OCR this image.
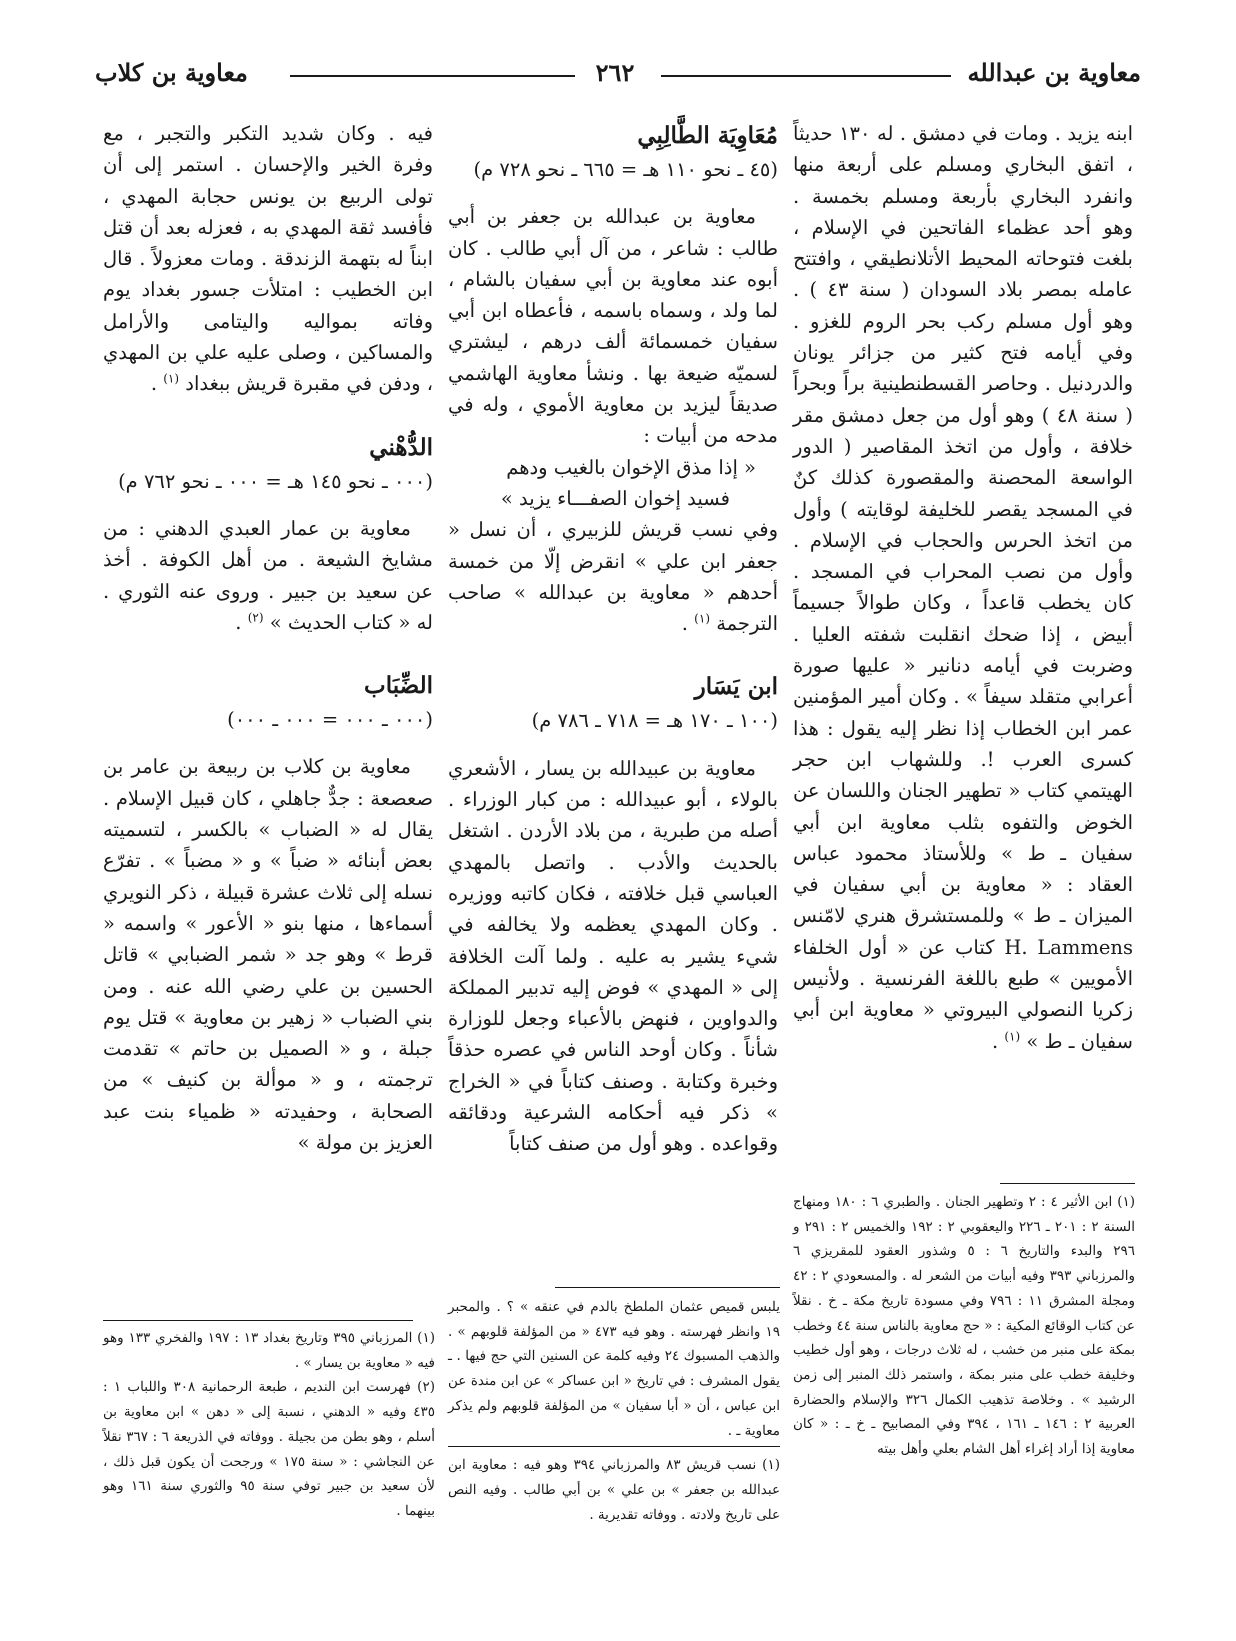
معاوية بن عبدالله
٢٦٢
معاوية بن كلاب

ابنه يزيد . ومات في دمشق . له ١٣٠ حديثاً ، اتفق البخاري ومسلم على أربعة منها وانفرد البخاري بأربعة ومسلم بخمسة . وهو أحد عظماء الفاتحين في الإسلام ، بلغت فتوحاته المحيط الأتلانطيقي ، وافتتح عامله بمصر بلاد السودان ( سنة ٤٣ ) . وهو أول مسلم ركب بحر الروم للغزو . وفي أيامه فتح كثير من جزائر يونان والدردنيل . وحاصر القسطنطينية براً وبحراً ( سنة ٤٨ ) وهو أول من جعل دمشق مقر خلافة ، وأول من اتخذ المقاصير ( الدور الواسعة المحصنة والمقصورة كذلك كنٌ في المسجد يقصر للخليفة لوقايته ) وأول من اتخذ الحرس والحجاب في الإسلام . وأول من نصب المحراب في المسجد . كان يخطب قاعداً ، وكان طوالاً جسيماً أبيض ، إذا ضحك انقلبت شفته العليا . وضربت في أيامه دنانير « عليها صورة أعرابي متقلد سيفاً » . وكان أمير المؤمنين عمر ابن الخطاب إذا نظر إليه يقول : هذا كسرى العرب !. وللشهاب ابن حجر الهيتمي كتاب « تطهير الجنان واللسان عن الخوض والتفوه بثلب معاوية ابن أبي سفيان ـ ط » وللأستاذ محمود عباس العقاد : « معاوية بن أبي سفيان في الميزان ـ ط » وللمستشرق هنري لامّنس H. Lammens كتاب عن « أول الخلفاء الأمويين » طبع باللغة الفرنسية . ولأنيس زكريا النصولي البيروتي « معاوية ابن أبي سفيان ـ ط » $^{(١)}$ .

مُعَاوِيَة الطَّالِبِي

(٤٥ ـ نحو ١١٠ هـ = ٦٦٥ ـ نحو ٧٢٨ م)

معاوية بن عبدالله بن جعفر بن أبي طالب : شاعر ، من آل أبي طالب . كان أبوه عند معاوية بن أبي سفيان بالشام ، لما ولد ، وسماه باسمه ، فأعطاه ابن أبي سفيان خمسمائة ألف درهم ، ليشتري لسميّه ضيعة بها . ونشأ معاوية الهاشمي صديقاً ليزيد بن معاوية الأموي ، وله في مدحه من أبيات :

« إذا مذق الإخوان بالغيب ودهم

فسيد إخوان الصفـــاء يزيد »

وفي نسب قريش للزبيري ، أن نسل « جعفر ابن علي » انقرض إلّا من خمسة أحدهم « معاوية بن عبدالله » صاحب الترجمة $^{(١)}$ .

ابن يَسَار

(١٠٠ ـ ١٧٠ هـ = ٧١٨ ـ ٧٨٦ م)

معاوية بن عبيدالله بن يسار ، الأشعري بالولاء ، أبو عبيدالله : من كبار الوزراء . أصله من طبرية ، من بلاد الأردن . اشتغل بالحديث والأدب . واتصل بالمهدي العباسي قبل خلافته ، فكان كاتبه ووزيره . وكان المهدي يعظمه ولا يخالفه في شيء يشير به عليه . ولما آلت الخلافة إلى « المهدي » فوض إليه تدبير المملكة والدواوين ، فنهض بالأعباء وجعل للوزارة شأناً . وكان أوحد الناس في عصره حذقاً وخبرة وكتابة . وصنف كتاباً في « الخراج » ذكر فيه أحكامه الشرعية ودقائقه وقواعده . وهو أول من صنف كتاباً

فيه . وكان شديد التكبر والتجبر ، مع وفرة الخير والإحسان . استمر إلى أن تولى الربيع بن يونس حجابة المهدي ، فأفسد ثقة المهدي به ، فعزله بعد أن قتل ابناً له بتهمة الزندقة . ومات معزولاً . قال ابن الخطيب : امتلأت جسور بغداد يوم وفاته بمواليه واليتامى والأرامل والمساكين ، وصلى عليه علي بن المهدي ، ودفن في مقبرة قريش ببغداد $^{(١)}$ .

الدُّهْني

(٠٠٠ ـ نحو ١٤٥ هـ = ٠٠٠ ـ نحو ٧٦٢ م)

معاوية بن عمار العبدي الدهني : من مشايخ الشيعة . من أهل الكوفة . أخذ عن سعيد بن جبير . وروى عنه الثوري . له « كتاب الحديث » $^{(٢)}$ .

الضِّبَاب

(٠٠٠ ـ ٠٠٠ = ٠٠٠ ـ ٠٠٠)

معاوية بن كلاب بن ربيعة بن عامر بن صعصعة : جدٌّ جاهلي ، كان قبيل الإسلام . يقال له « الضباب » بالكسر ، لتسميته بعض أبنائه « ضباً » و « مضباً » . تفرّع نسله إلى ثلاث عشرة قبيلة ، ذكر النويري أسماءها ، منها بنو « الأعور » واسمه « قرط » وهو جد « شمر الضبابي » قاتل الحسين بن علي رضي الله عنه . ومن بني الضباب « زهير بن معاوية » قتل يوم جبلة ، و « الصميل بن حاتم » تقدمت ترجمته ، و « موألة بن كنيف » من الصحابة ، وحفيدته « ظمياء بنت عبد العزيز بن مولة »

(١) ابن الأثير ٤ : ٢ وتطهير الجنان . والطبري ٦ : ١٨٠ ومنهاج السنة ٢ : ٢٠١ ـ ٢٢٦ واليعقوبي ٢ : ١٩٢ والخميس ٢ : ٢٩١ و ٢٩٦ والبدء والتاريخ ٦ : ٥ وشذور العقود للمقريزي ٦ والمرزباني ٣٩٣ وفيه أبيات من الشعر له . والمسعودي ٢ : ٤٢ ومجلة المشرق ١١ : ٧٩٦ وفي مسودة تاريخ مكة ـ خ . نقلاً عن كتاب الوقائع المكية : « حج معاوية بالناس سنة ٤٤ وخطب بمكة على منبر من خشب ، له ثلاث درجات ، وهو أول خطيب وخليفة خطب على منبر بمكة ، واستمر ذلك المنبر إلى زمن الرشيد » . وخلاصة تذهيب الكمال ٣٢٦ والإسلام والحضارة العربية ٢ : ١٤٦ ـ ١٦١ ، ٣٩٤ وفي المصابيح ـ خ ـ : « كان معاوية إذا أراد إغراء أهل الشام بعلي وأهل بيته

يلبس قميص عثمان الملطخ بالدم في عنقه » ؟ . والمحبر ١٩ وانظر فهرسته . وهو فيه ٤٧٣ « من المؤلفة قلوبهم » . والذهب المسبوك ٢٤ وفيه كلمة عن السنين التي حج فيها . ـ يقول المشرف : في تاريخ « ابن عساكر » عن ابن مندة عن ابن عباس ، أن « أبا سفيان » من المؤلفة قلوبهم ولم يذكر معاوية ـ .

(١) نسب قريش ٨٣ والمرزباني ٣٩٤ وهو فيه : معاوية ابن عبدالله بن جعفر » بن علي » بن أبي طالب . وفيه النص على تاريخ ولادته . ووفاته تقديرية .

(١) المرزباني ٣٩٥ وتاريخ بغداد ١٣ : ١٩٧ والفخري ١٣٣ وهو فيه « معاوية بن يسار » .

(٢) فهرست ابن النديم ، طبعة الرحمانية ٣٠٨ واللباب ١ : ٤٣٥ وفيه « الدهني ، نسبة إلى « دهن » ابن معاوية بن أسلم ، وهو بطن من بجيلة . ووفاته في الذريعة ٦ : ٣٦٧ نقلاً عن النجاشي : « سنة ١٧٥ » ورجحت أن يكون قبل ذلك ، لأن سعيد بن جبير توفي سنة ٩٥ والثوري سنة ١٦١ وهو بينهما .
